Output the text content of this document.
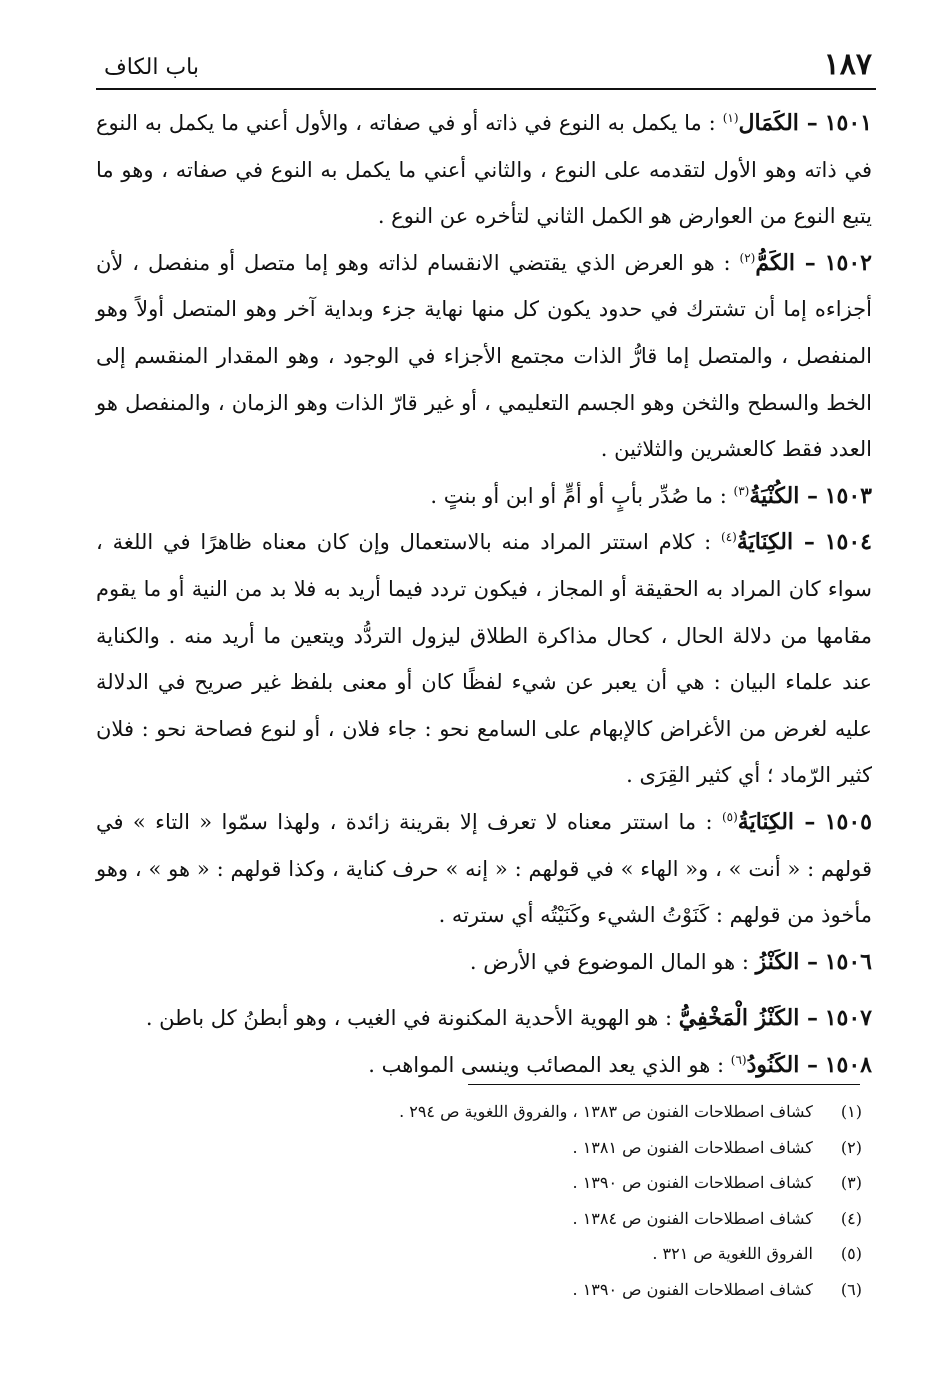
١٨٧
باب الكاف

١٥٠١ – الكَمَال$^{(١)}$ : ما يكمل به النوع في ذاته أو في صفاته ، والأول أعني ما يكمل به النوع في ذاته وهو الأول لتقدمه على النوع ، والثاني أعني ما يكمل به النوع في صفاته ، وهو ما يتبع النوع من العوارض هو الكمل الثاني لتأخره عن النوع .

١٥٠٢ – الكَمُّ$^{(٢)}$ : هو العرض الذي يقتضي الانقسام لذاته وهو إما متصل أو منفصل ، لأن أجزاءه إما أن تشترك في حدود يكون كل منها نهاية جزء وبداية آخر وهو المتصل أولاً وهو المنفصل ، والمتصل إما قارُّ الذات مجتمع الأجزاء في الوجود ، وهو المقدار المنقسم إلى الخط والسطح والثخن وهو الجسم التعليمي ، أو غير قارّ الذات وهو الزمان ، والمنفصل هو العدد فقط كالعشرين والثلاثين .

١٥٠٣ – الكُنْيَةُ$^{(٣)}$ : ما صُدِّر بأبٍ أو أمٍّ أو ابن أو بنتٍ .

١٥٠٤ – الكِنَايَةُ$^{(٤)}$ : كلام استتر المراد منه بالاستعمال وإن كان معناه ظاهرًا في اللغة ، سواء كان المراد به الحقيقة أو المجاز ، فيكون تردد فيما أريد به فلا بد من النية أو ما يقوم مقامها من دلالة الحال ، كحال مذاكرة الطلاق ليزول التردُّد ويتعين ما أريد منه . والكناية عند علماء البيان : هي أن يعبر عن شيء لفظًا كان أو معنى بلفظ غير صريح في الدلالة عليه لغرض من الأغراض كالإبهام على السامع نحو : جاء فلان ، أو لنوع فصاحة نحو : فلان كثير الرّماد ؛ أي كثير القِرَى .

١٥٠٥ – الكِنَايَةُ$^{(٥)}$ : ما استتر معناه لا تعرف إلا بقرينة زائدة ، ولهذا سمّوا « التاء » في قولهم : « أنت » ، و« الهاء » في قولهم : « إنه » حرف كناية ، وكذا قولهم : « هو » ، وهو مأخوذ من قولهم : كَنَوْتُ الشيء وكَنَيْتُه أي سترته .

١٥٠٦ – الكَنْزُ : هو المال الموضوع في الأرض .

١٥٠٧ – الكَنْزُ الْمَخْفِيُّ : هو الهوية الأحدية المكنونة في الغيب ، وهو أبطنُ كل باطن .

١٥٠٨ – الكَنُودُ$^{(٦)}$ : هو الذي يعد المصائب وينسى المواهب .

(١) كشاف اصطلاحات الفنون ص ١٣٨٣ ، والفروق اللغوية ص ٢٩٤ .
(٢) كشاف اصطلاحات الفنون ص ١٣٨١ .
(٣) كشاف اصطلاحات الفنون ص ١٣٩٠ .
(٤) كشاف اصطلاحات الفنون ص ١٣٨٤ .
(٥) الفروق اللغوية ص ٣٢١ .
(٦) كشاف اصطلاحات الفنون ص ١٣٩٠ .
